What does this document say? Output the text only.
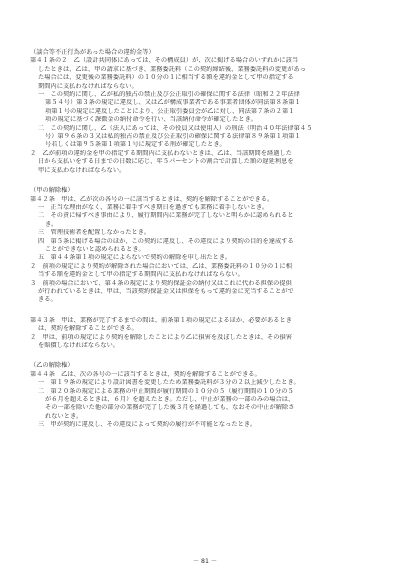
（談合等不正行為があった場合の違約金等）
第４１条の２　乙（設計共同体にあっては、その構成員）が、次に掲げる場合のいずれかに該当
したときは、乙は、甲の請求に基づき、業務委託料（この契約締結後、業務委託料の変更があっ
た場合には、変更後の業務委託料）の１０分の１に相当する額を違約金として甲の指定する
期間内に支払わなければならない。
一　この契約に関し、乙が私的独占の禁止及び公正取引の確保に関する法律（昭和２２年法律
第５４号）第３条の規定に違反し、又は乙が構成事業者である事業者団体が同法第８条第１
項第１号の規定に違反したことにより、公正取引委員会が乙に対し、同法第７条の２第１
項の規定に基づく課徴金の納付命令を行い、当該納付命令が確定したとき。
二　この契約に関し、乙（法人にあっては、その役員又は使用人）の刑法（明治４０年法律第４５
号）第９６条の３又は私的独占の禁止及び公正取引の確保に関する法律第８９条第１項第１
号若しくは第９５条第１項第１号に規定する刑が確定したとき。
２　乙が前項の違約金を甲の指定する期間内に支払わないときは、乙は、当該期間を経過した
日から支払いをする日までの日数に応じ、年５パーセントの割合で計算した額の遅延利息を
甲に支払わなければならない。
（甲の解除権）
第４２条　甲は、乙が次の各号の一に該当するときは、契約を解除することができる。
一　正当な理由がなく、業務に着手すべき期日を過ぎても業務に着手しないとき。
二　その責に帰すべき事由により、履行期間内に業務が完了しないと明らかに認められると
き。
三　管理技術者を配置しなかったとき。
四　第５条に掲げる場合のほか、この契約に違反し、その違反により契約の目的を達成する
ことができないと認められるとき。
五　第４４条第１項の規定によらないで契約の解除を申し出たとき。
２　前項の規定により契約が解除された場合においては、乙は、業務委託料の１０分の１に相
当する額を違約金として甲の指定する期間内に支払わなければならない。
３　前項の場合において、第４条の規定により契約保証金の納付又はこれに代わる担保の提供
が行われているときは、甲は、当該契約保証金又は担保をもって違約金に充当することがで
きる。
第４３条　甲は、業務が完了するまでの間は、前条第１項の規定によるほか、必要があるとき
は、契約を解除することができる。
２　甲は、前項の規定により契約を解除したことにより乙に損害を及ぼしたときは、その損害
を賠償しなければならない。
（乙の解除権）
第４４条　乙は、次の各号の一に該当するときは、契約を解除することができる。
一　第１９条の規定により設計図書を変更したため業務委託料が３分の２以上減少したとき。
二　第２０条の規定による業務の中止期間が履行期間の１０分の５（履行期間の１０分の５
が６月を超えるときは、６月）を超えたとき。ただし、中止が業務の一部のみの場合は、
その一部を除いた他の部分の業務が完了した後３月を経過しても、なおその中止が解除さ
れないとき。
三　甲が契約に違反し、その違反によって契約の履行が不可能となったとき。
－ 81 －
